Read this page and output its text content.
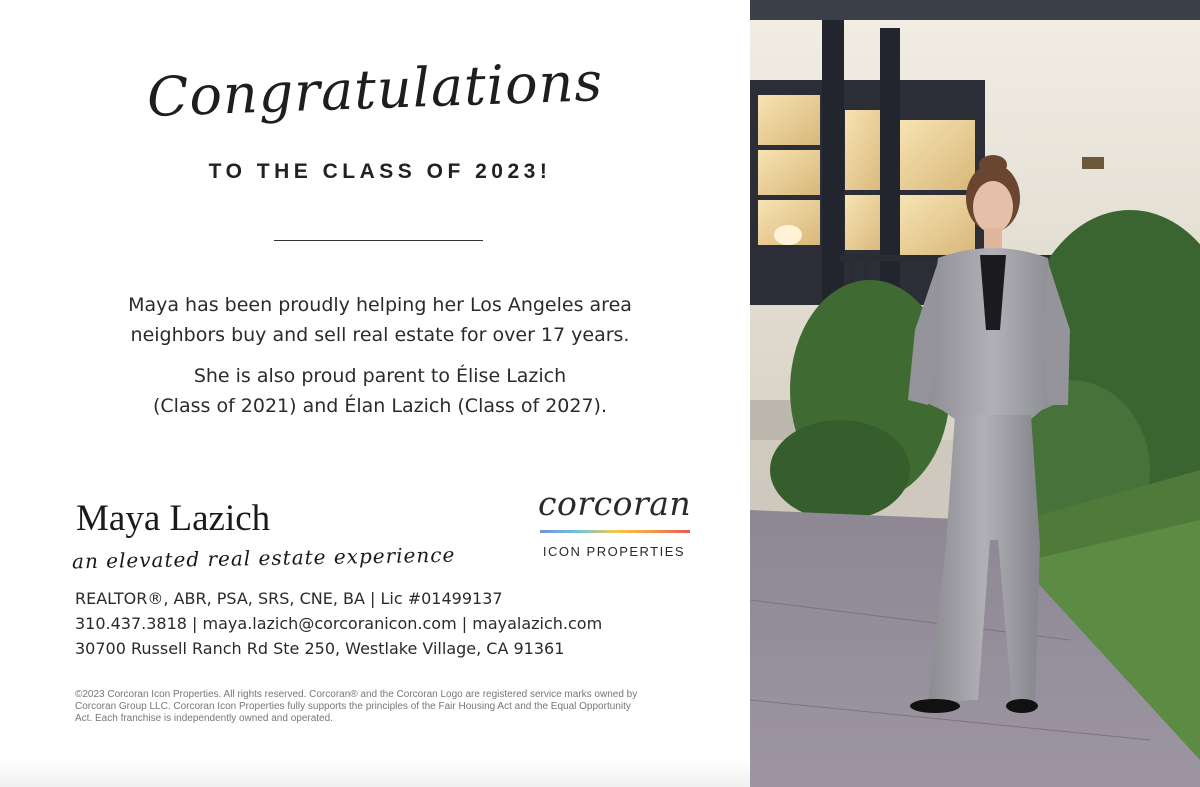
Congratulations
TO THE CLASS OF 2023!
Maya has been proudly helping her Los Angeles area
neighbors buy and sell real estate for over 17 years.
She is also proud parent to Élise Lazich
(Class of 2021) and Élan Lazich (Class of 2027).
Maya Lazich
an elevated real estate experience
corcoran
ICON PROPERTIES
REALTOR®, ABR, PSA, SRS, CNE, BA | Lic #01499137
310.437.3818 | maya.lazich@corcoranicon.com | mayalazich.com
30700 Russell Ranch Rd Ste 250, Westlake Village, CA 91361
©2023 Corcoran Icon Properties. All rights reserved. Corcoran® and the Corcoran Logo are registered service marks owned by
Corcoran Group LLC. Corcoran Icon Properties fully supports the principles of the Fair Housing Act and the Equal Opportunity
Act. Each franchise is independently owned and operated.
